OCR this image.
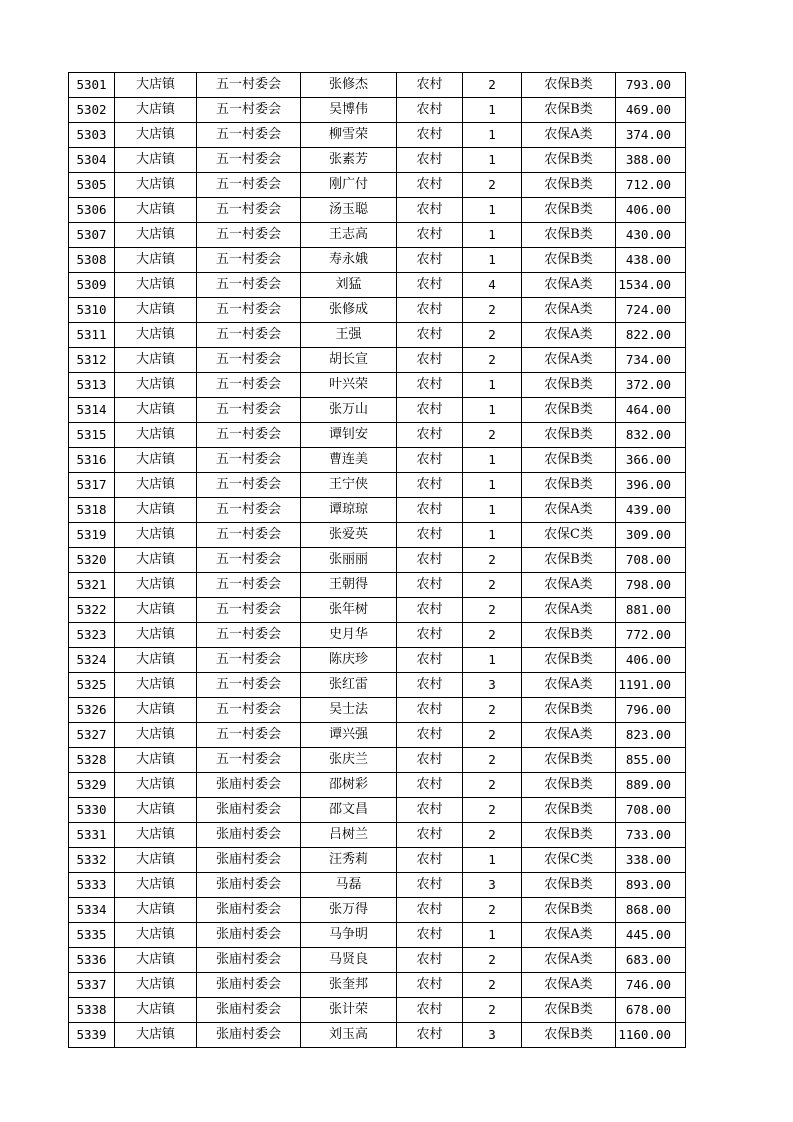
5301	大店镇	五一村委会	张修杰	农村	2	农保B类	793.00
5302	大店镇	五一村委会	吴博伟	农村	1	农保B类	469.00
5303	大店镇	五一村委会	柳雪荣	农村	1	农保A类	374.00
5304	大店镇	五一村委会	张素芳	农村	1	农保B类	388.00
5305	大店镇	五一村委会	刚广付	农村	2	农保B类	712.00
5306	大店镇	五一村委会	汤玉聪	农村	1	农保B类	406.00
5307	大店镇	五一村委会	王志高	农村	1	农保B类	430.00
5308	大店镇	五一村委会	寿永娥	农村	1	农保B类	438.00
5309	大店镇	五一村委会	刘猛	农村	4	农保A类	1534.00
5310	大店镇	五一村委会	张修成	农村	2	农保A类	724.00
5311	大店镇	五一村委会	王强	农村	2	农保A类	822.00
5312	大店镇	五一村委会	胡长宣	农村	2	农保A类	734.00
5313	大店镇	五一村委会	叶兴荣	农村	1	农保B类	372.00
5314	大店镇	五一村委会	张万山	农村	1	农保B类	464.00
5315	大店镇	五一村委会	谭钊安	农村	2	农保B类	832.00
5316	大店镇	五一村委会	曹连美	农村	1	农保B类	366.00
5317	大店镇	五一村委会	王宁侠	农村	1	农保B类	396.00
5318	大店镇	五一村委会	谭琼琼	农村	1	农保A类	439.00
5319	大店镇	五一村委会	张爱英	农村	1	农保C类	309.00
5320	大店镇	五一村委会	张丽丽	农村	2	农保B类	708.00
5321	大店镇	五一村委会	王朝得	农村	2	农保A类	798.00
5322	大店镇	五一村委会	张年树	农村	2	农保A类	881.00
5323	大店镇	五一村委会	史月华	农村	2	农保B类	772.00
5324	大店镇	五一村委会	陈庆珍	农村	1	农保B类	406.00
5325	大店镇	五一村委会	张红雷	农村	3	农保A类	1191.00
5326	大店镇	五一村委会	吴士法	农村	2	农保B类	796.00
5327	大店镇	五一村委会	谭兴强	农村	2	农保A类	823.00
5328	大店镇	五一村委会	张庆兰	农村	2	农保B类	855.00
5329	大店镇	张庙村委会	邵树彩	农村	2	农保B类	889.00
5330	大店镇	张庙村委会	邵文昌	农村	2	农保B类	708.00
5331	大店镇	张庙村委会	吕树兰	农村	2	农保B类	733.00
5332	大店镇	张庙村委会	汪秀莉	农村	1	农保C类	338.00
5333	大店镇	张庙村委会	马磊	农村	3	农保B类	893.00
5334	大店镇	张庙村委会	张万得	农村	2	农保B类	868.00
5335	大店镇	张庙村委会	马争明	农村	1	农保A类	445.00
5336	大店镇	张庙村委会	马贤良	农村	2	农保A类	683.00
5337	大店镇	张庙村委会	张奎邦	农村	2	农保A类	746.00
5338	大店镇	张庙村委会	张计荣	农村	2	农保B类	678.00
5339	大店镇	张庙村委会	刘玉高	农村	3	农保B类	1160.00
